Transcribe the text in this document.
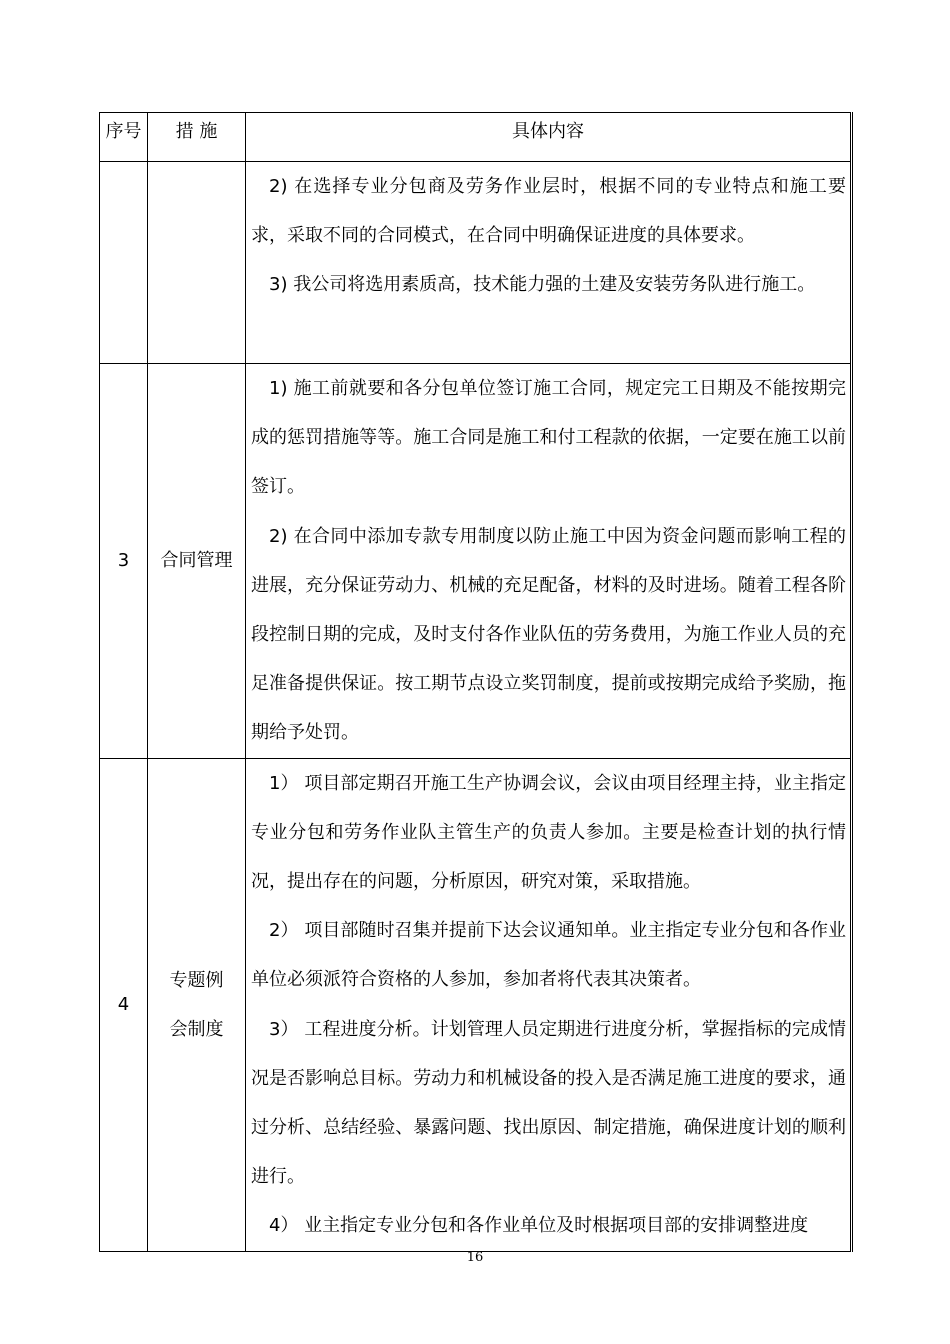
序号	措 施	具体内容

		2) 在选择专业分包商及劳务作业层时，根据不同的专业特点和施工要求，采取不同的合同模式，在合同中明确保证进度的具体要求。

3) 我公司将选用素质高，技术能力强的土建及安装劳务队进行施工。

3	合同管理	1) 施工前就要和各分包单位签订施工合同，规定完工日期及不能按期完成的惩罚措施等等。施工合同是施工和付工程款的依据，一定要在施工以前签订。

2) 在合同中添加专款专用制度以防止施工中因为资金问题而影响工程的进展，充分保证劳动力、机械的充足配备，材料的及时进场。随着工程各阶段控制日期的完成，及时支付各作业队伍的劳务费用，为施工作业人员的充足准备提供保证。按工期节点设立奖罚制度，提前或按期完成给予奖励，拖期给予处罚。

4	专题例会制度	1） 项目部定期召开施工生产协调会议，会议由项目经理主持，业主指定专业分包和劳务作业队主管生产的负责人参加。主要是检查计划的执行情况，提出存在的问题，分析原因，研究对策，采取措施。

2） 项目部随时召集并提前下达会议通知单。业主指定专业分包和各作业单位必须派符合资格的人参加，参加者将代表其决策者。

3） 工程进度分析。计划管理人员定期进行进度分析，掌握指标的完成情况是否影响总目标。劳动力和机械设备的投入是否满足施工进度的要求，通过分析、总结经验、暴露问题、找出原因、制定措施，确保进度计划的顺利进行。

4） 业主指定专业分包和各作业单位及时根据项目部的安排调整进度

16
